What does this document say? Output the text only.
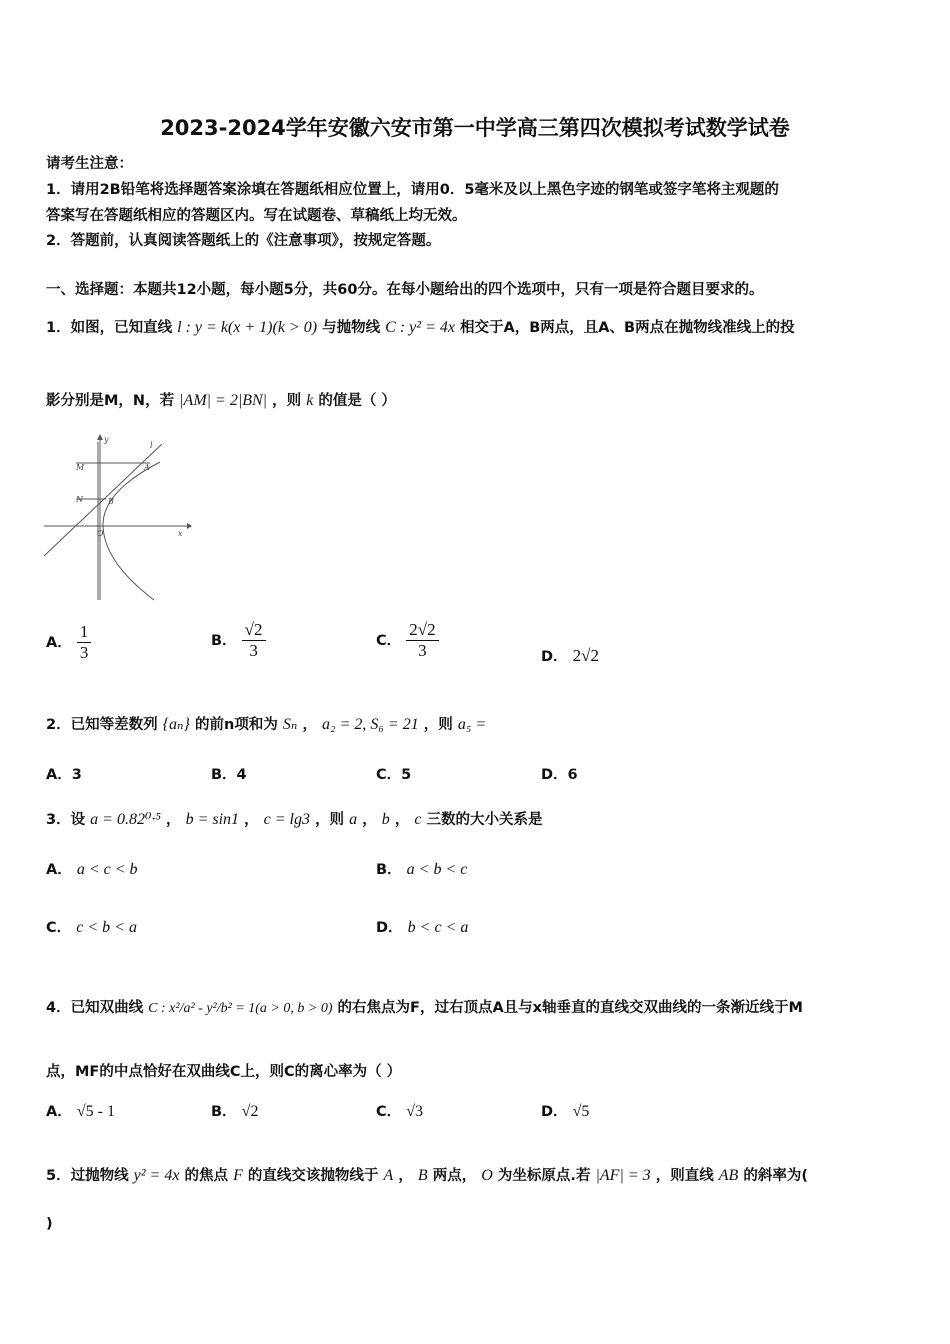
2023-2024学年安徽六安市第一中学高三第四次模拟考试数学试卷
请考生注意：
1．请用2B铅笔将选择题答案涂填在答题纸相应位置上，请用0．5毫米及以上黑色字迹的钢笔或签字笔将主观题的
答案写在答题纸相应的答题区内。写在试题卷、草稿纸上均无效。
2．答题前，认真阅读答题纸上的《注意事项》，按规定答题。
一、选择题：本题共12小题，每小题5分，共60分。在每小题给出的四个选项中，只有一项是符合题目要求的。
1．如图，已知直线 l : y = k(x + 1)(k > 0) 与抛物线 C : y² = 4x 相交于A，B两点，且A、B两点在抛物线准线上的投
影分别是M，N，若 |AM| = 2|BN| ，则 k 的值是（ ）
y
x
l
M
N
A
B
O
A． $\frac{1}{3}$	B． $\frac{√2}{3}$	C． $\frac{2√2}{3}$	D． 2√2
2．已知等差数列 {aₙ} 的前n项和为 Sₙ ， a₂ = 2, S₆ = 21 ，则 a₅ =
A．3	B．4	C．5	D．6
3．设 a = 0.82⁰·⁵ ， b = sin1 ， c = lg3 ，则 a ， b ， c 三数的大小关系是
A． a < c < b	B． a < b < c
C． c < b < a	D． b < c < a
4．已知双曲线 C : x²/a² - y²/b² = 1(a > 0, b > 0) 的右焦点为F，过右顶点A且与x轴垂直的直线交双曲线的一条渐近线于M
点，MF的中点恰好在双曲线C上，则C的离心率为（ ）
A． √5 - 1	B． √2	C． √3	D． √5
5．过抛物线 y² = 4x 的焦点 F 的直线交该抛物线于 A ， B 两点， O 为坐标原点.若 |AF| = 3 ，则直线 AB 的斜率为(
)
